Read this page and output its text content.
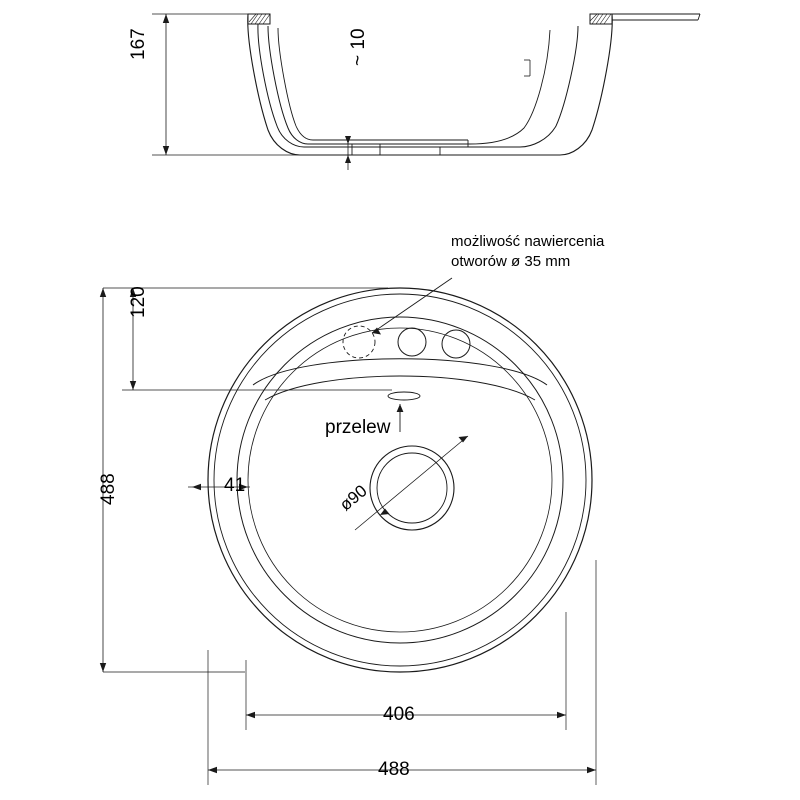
167	~ 10
możliwość nawiercenia
otworów ø 35 mm
120
488
przelew
41	ø90
406
488
